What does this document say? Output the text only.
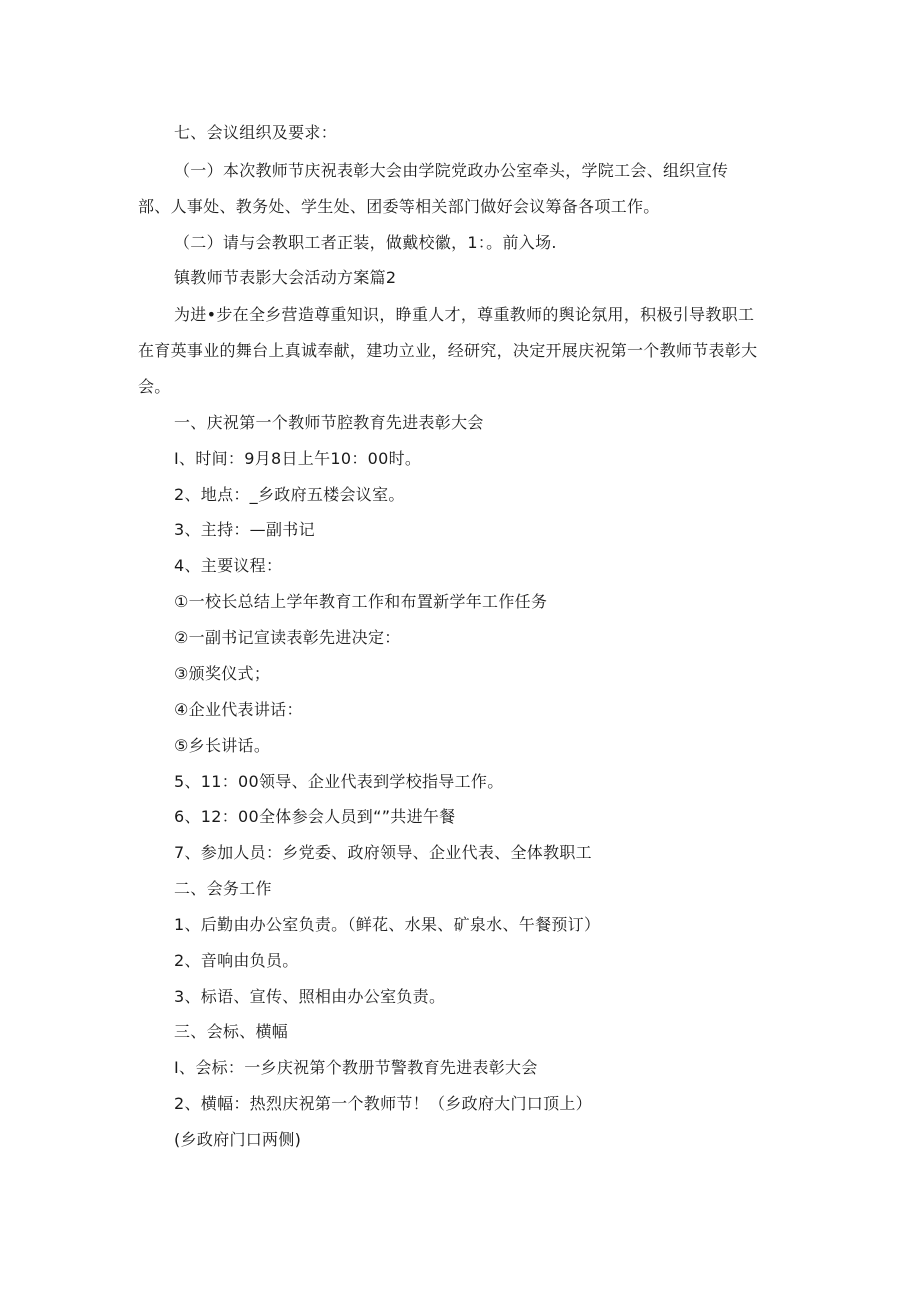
七、会议组织及要求：
（一）本次教师节庆祝表彰大会由学院党政办公室牵头，学院工会、组织宣传
部、人事处、教务处、学生处、团委等相关部门做好会议筹备各项工作。
（二）请与会教职工者正装，做戴校徽，1：。前入场.
镇教师节表影大会活动方案篇2
为进•步在全乡营造尊重知识，睁重人才，尊重教师的舆论氛用，积极引导教职工
在育英事业的舞台上真诚奉献，建功立业，经研究，决定开展庆祝第一个教师节表彰大
会。
一、庆祝第一个教师节腔教育先进表彰大会
I、时间：9月8日上午10：00时。
2、地点：_乡政府五楼会议室。
3、主持：—副书记
4、主要议程：
①一校长总结上学年教育工作和布置新学年工作任务
②一副书记宣读表彰先进决定：
③颁奖仪式；
④企业代表讲话：
⑤乡长讲话。
5、11：00领导、企业代表到学校指导工作。
6、12：00全体参会人员到“”共进午餐
7、参加人员：乡党委、政府领导、企业代表、全体教职工
二、会务工作
1、后勤由办公室负责。（鲜花、水果、矿泉水、午餐预订）
2、音响由负员。
3、标语、宣传、照相由办公室负责。
三、会标、横幅
I、会标：一乡庆祝第个教册节警教育先进表彰大会
2、横幅：热烈庆祝第一个教师节！（乡政府大门口顶上）
(乡政府门口两侧)
